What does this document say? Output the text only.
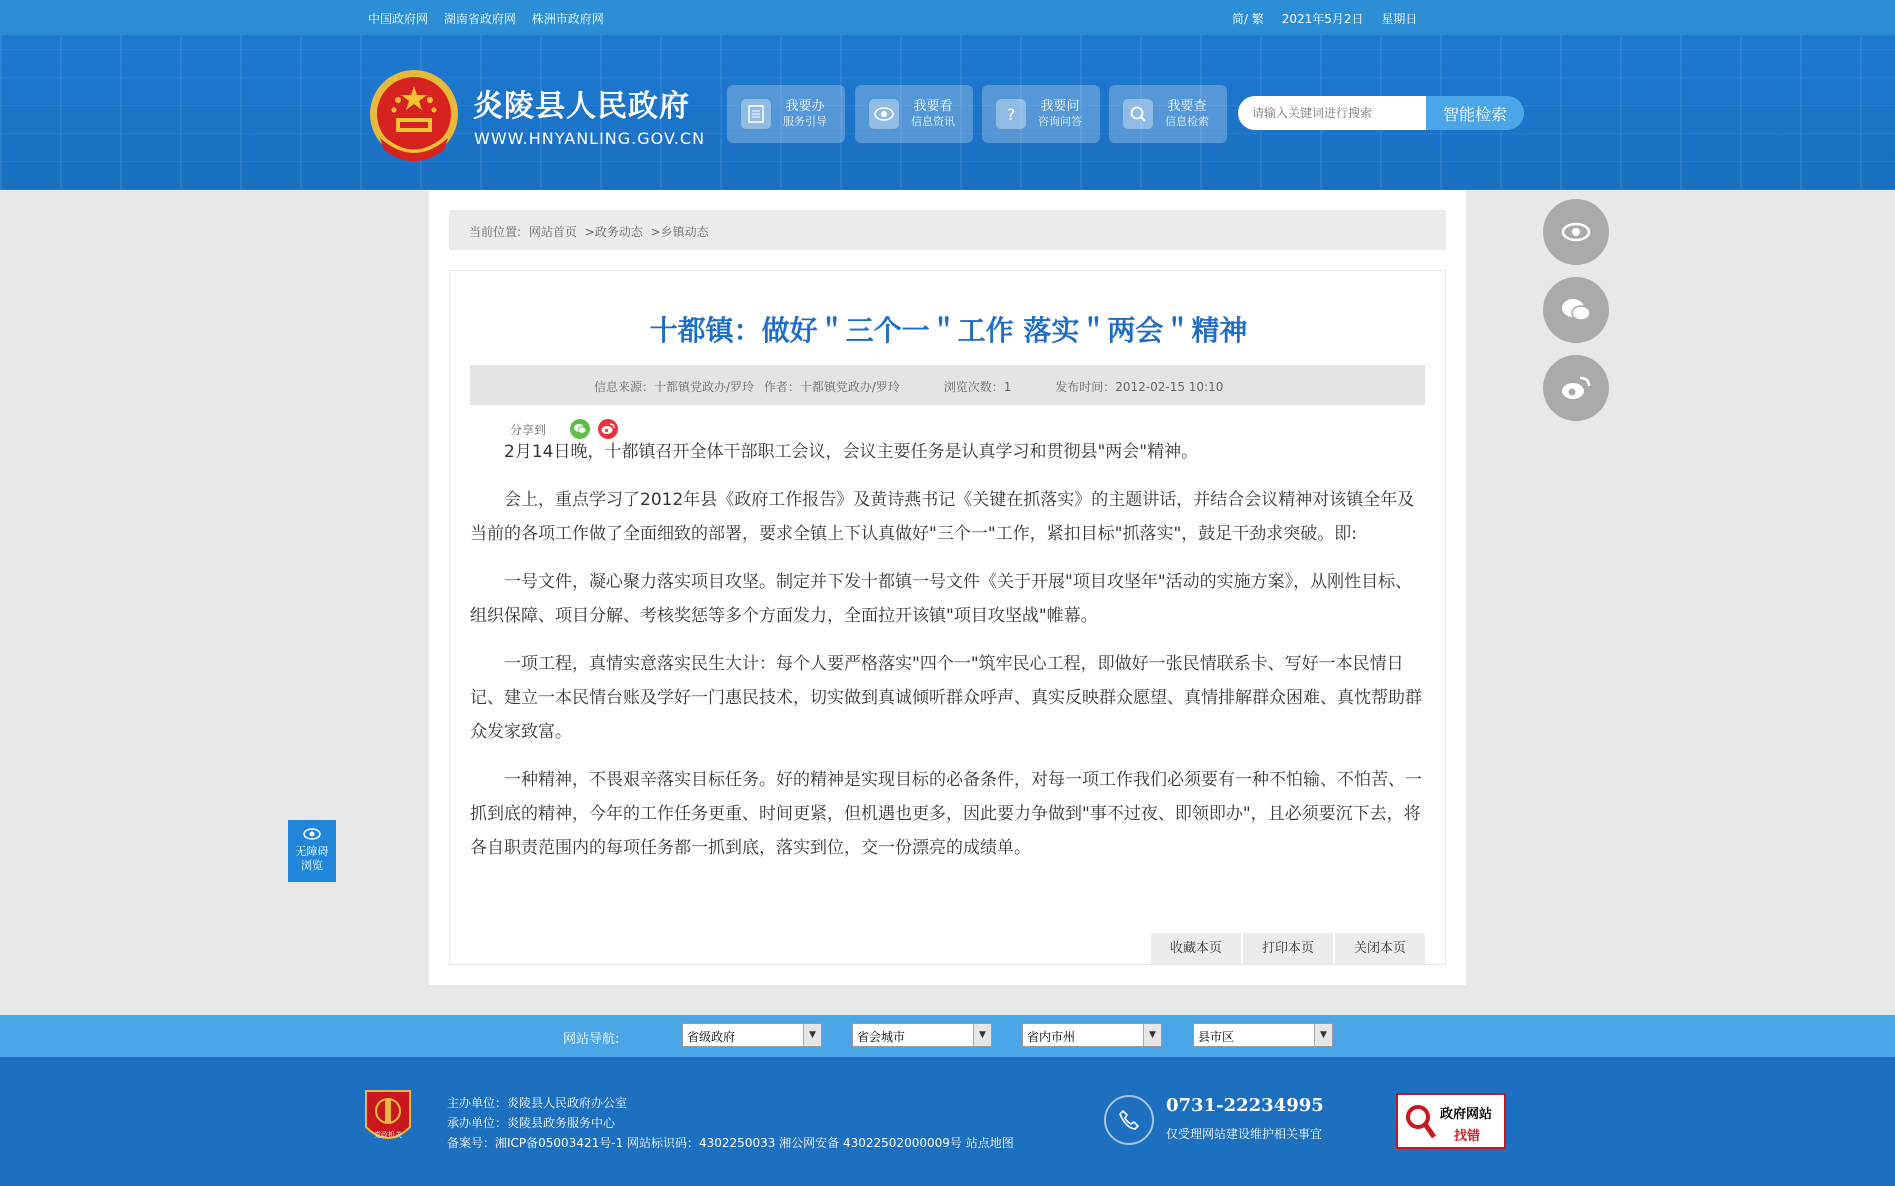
中国政府网 湖南省政府网 株洲市政府网	简/ 繁 2021年5月2日 星期日
炎陵县人民政府
WWW.HNYANLING.GOV.CN
我要办
服务引导
我要看
信息资讯	?	我要问
咨询问答
我要查
信息检索
请输入关键词进行搜索	智能检索
当前位置: 网站首页 >政务动态 >乡镇动态
十都镇：做好＂三个一＂工作 落实＂两会＂精神
信息来源：十都镇党政办/罗玲 作者：十都镇党政办/罗玲	浏览次数：1	发布时间：2012-02-15 10:10
分享到

2月14日晚，十都镇召开全体干部职工会议，会议主要任务是认真学习和贯彻县"两会"精神。

会上，重点学习了2012年县《政府工作报告》及黄诗燕书记《关键在抓落实》的主题讲话，并结合会议精神对该镇全年及当前的各项工作做了全面细致的部署，要求全镇上下认真做好"三个一"工作，紧扣目标"抓落实"，鼓足干劲求突破。即:

一号文件，凝心聚力落实项目攻坚。制定并下发十都镇一号文件《关于开展"项目攻坚年"活动的实施方案》，从刚性目标、组织保障、项目分解、考核奖惩等多个方面发力，全面拉开该镇"项目攻坚战"帷幕。

一项工程，真情实意落实民生大计：每个人要严格落实"四个一"筑牢民心工程，即做好一张民情联系卡、写好一本民情日记、建立一本民情台账及学好一门惠民技术，切实做到真诚倾听群众呼声、真实反映群众愿望、真情排解群众困难、真忱帮助群众发家致富。

一种精神，不畏艰辛落实目标任务。好的精神是实现目标的必备条件，对每一项工作我们必须要有一种不怕输、不怕苦、一抓到底的精神，今年的工作任务更重、时间更紧，但机遇也更多，因此要力争做到"事不过夜、即领即办"，且必须要沉下去，将各自职责范围内的每项任务都一抓到底，落实到位，交一份漂亮的成绩单。

收藏本页	打印本页	关闭本页
无障碍
浏览
网站导航:	省级政府	▼	省会城市	▼	省内市州	▼	县市区	▼
党政机关
主办单位：炎陵县人民政府办公室
承办单位：炎陵县政务服务中心
备案号：湘ICP备05003421号-1 网站标识码：4302250033 湘公网安备 43022502000009号 站点地图
0731-22234995
仅受理网站建设维护相关事宜
政府网站
找错
